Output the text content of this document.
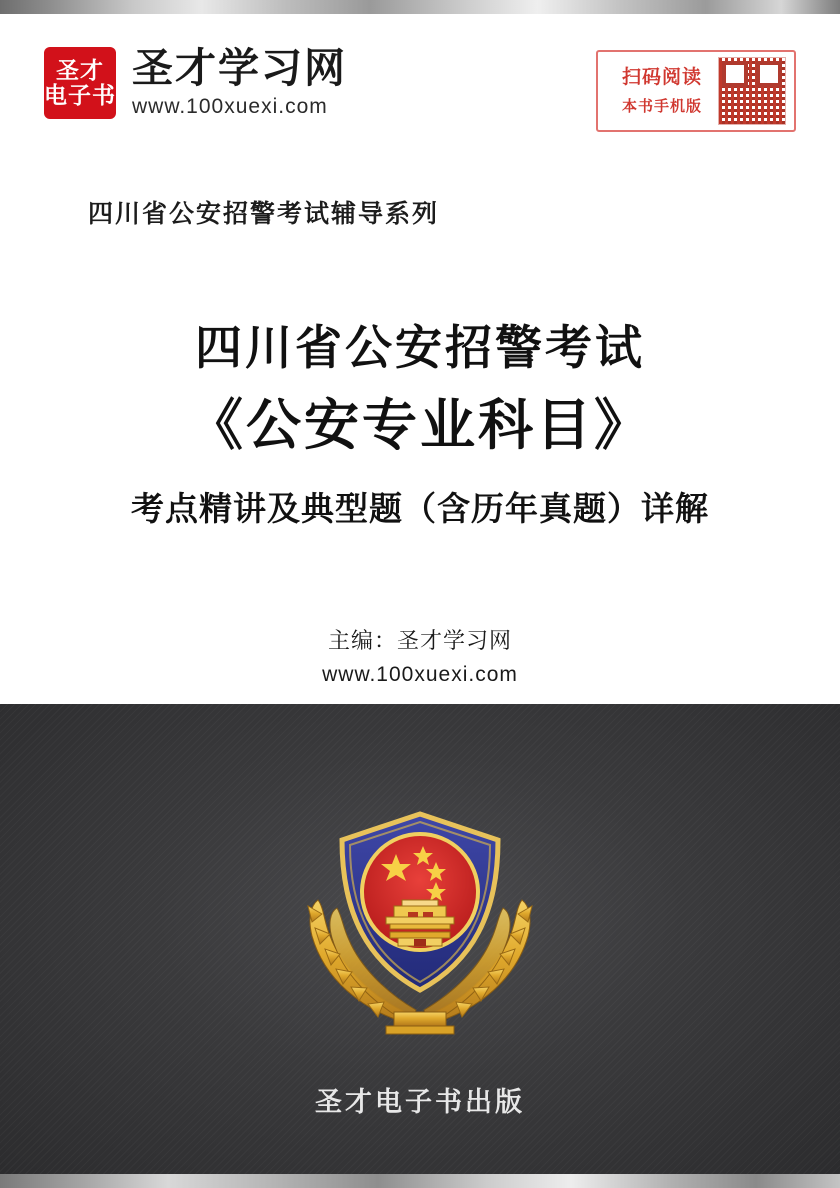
圣才
电子书
圣才学习网
www.100xuexi.com
扫码阅读
本书手机版
四川省公安招警考试辅导系列
四川省公安招警考试
《公安专业科目》
考点精讲及典型题（含历年真题）详解
主编：圣才学习网
www.100xuexi.com
圣才电子书出版
